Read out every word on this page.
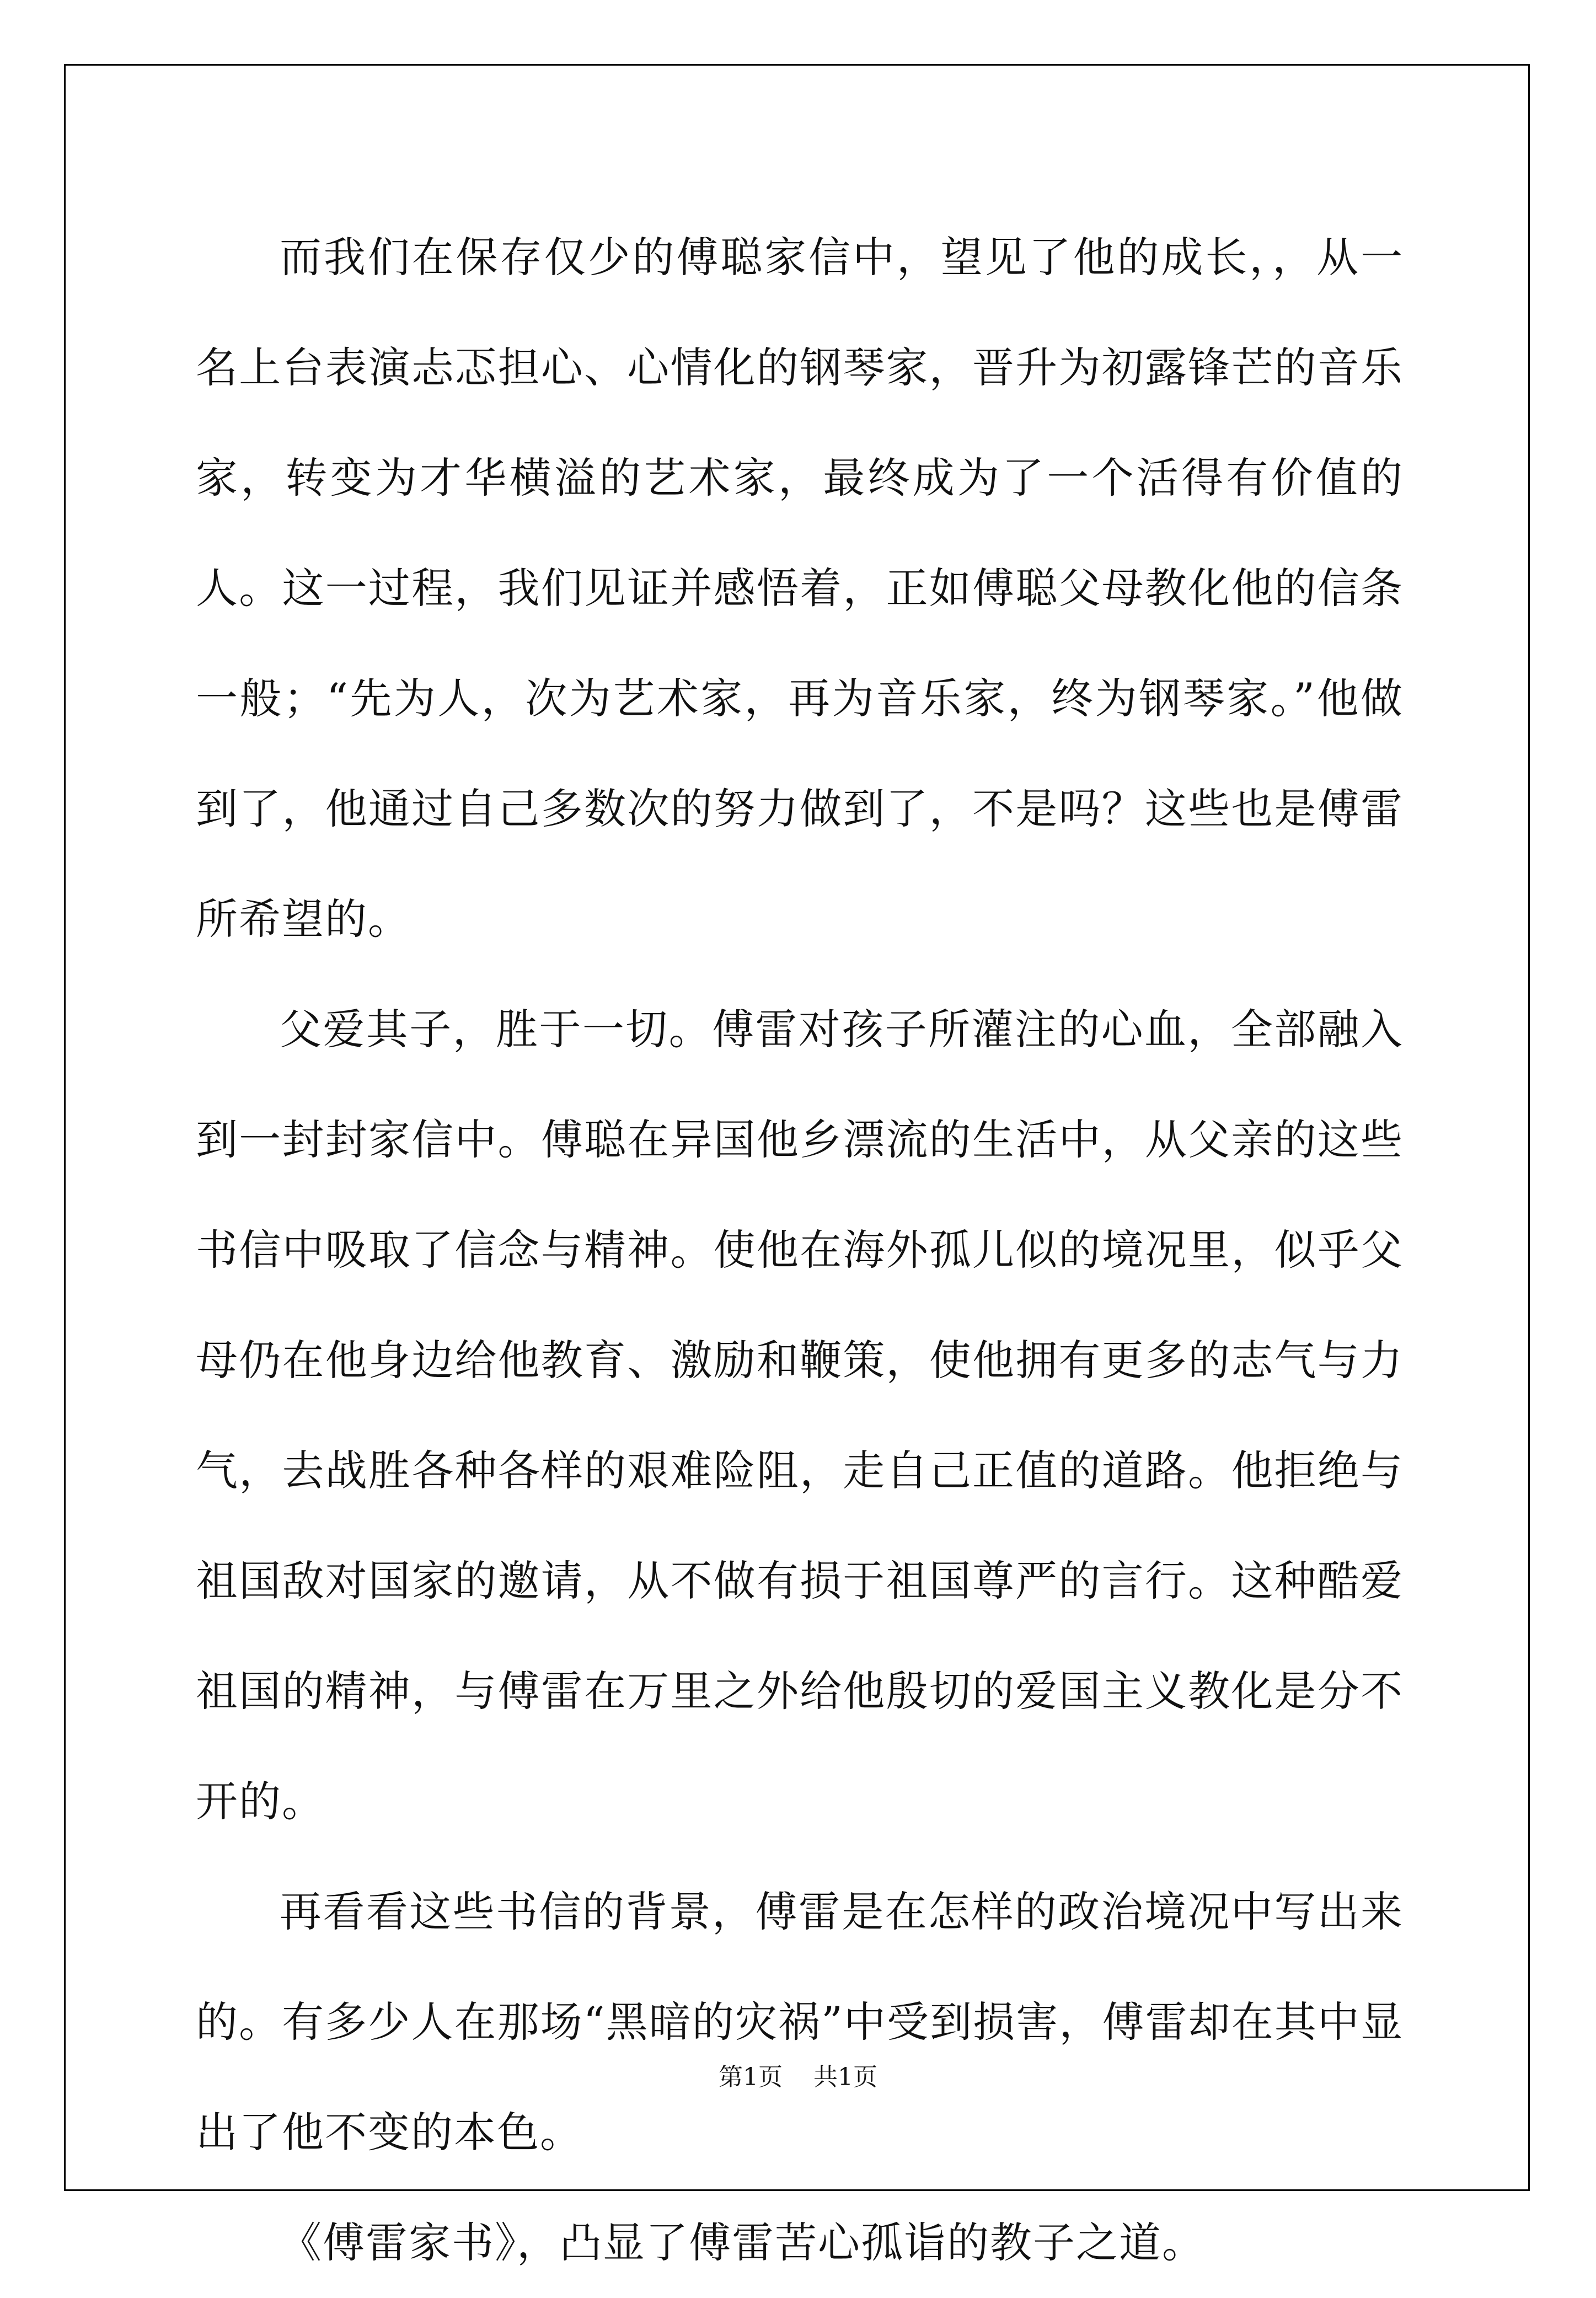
而我们在保存仅少的傅聪家信中，望见了他的成长，，从一名上台表演忐忑担心、心情化的钢琴家，晋升为初露锋芒的音乐家，转变为才华横溢的艺术家，最终成为了一个活得有价值的人。这一过程，我们见证并感悟着，正如傅聪父母教化他的信条一般；“先为人，次为艺术家，再为音乐家，终为钢琴家。”他做到了，他通过自己多数次的努力做到了，不是吗？这些也是傅雷所希望的。

父爱其子，胜于一切。傅雷对孩子所灌注的心血，全部融入到一封封家信中。傅聪在异国他乡漂流的生活中，从父亲的这些书信中吸取了信念与精神。使他在海外孤儿似的境况里，似乎父母仍在他身边给他教育、激励和鞭策，使他拥有更多的志气与力气，去战胜各种各样的艰难险阻，走自己正值的道路。他拒绝与祖国敌对国家的邀请，从不做有损于祖国尊严的言行。这种酷爱祖国的精神，与傅雷在万里之外给他殷切的爱国主义教化是分不开的。

再看看这些书信的背景，傅雷是在怎样的政治境况中写出来的。有多少人在那场“黑暗的灾祸”中受到损害，傅雷却在其中显出了他不变的本色。

《傅雷家书》，凸显了傅雷苦心孤诣的教子之道。

第1页 共1页
